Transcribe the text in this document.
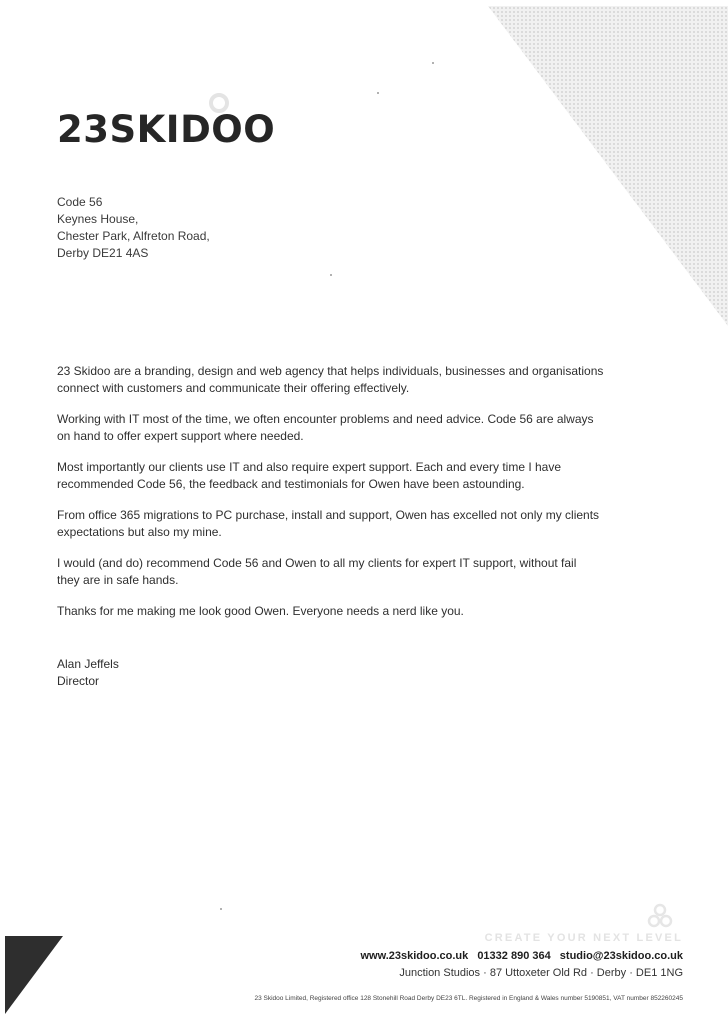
23SKIDOO
Code 56
Keynes House,
Chester Park, Alfreton Road,
Derby DE21 4AS

23 Skidoo are a branding, design and web agency that helps individuals, businesses and organisations
connect with customers and communicate their offering effectively.

Working with IT most of the time, we often encounter problems and need advice. Code 56 are always
on hand to offer expert support where needed.

Most importantly our clients use IT and also require expert support. Each and every time I have
recommended Code 56, the feedback and testimonials for Owen have been astounding.

From office 365 migrations to PC purchase, install and support, Owen has excelled not only my clients
expectations but also my mine.

I would (and do) recommend Code 56 and Owen to all my clients for expert IT support, without fail
they are in safe hands.

Thanks for me making me look good Owen. Everyone needs a nerd like you.

Alan Jeffels
Director
CREATE YOUR NEXT LEVEL
www.23skidoo.co.uk 01332 890 364 studio@23skidoo.co.uk
Junction Studios · 87 Uttoxeter Old Rd · Derby · DE1 1NG
23 Skidoo Limited, Registered office 128 Stonehill Road Derby DE23 6TL. Registered in England & Wales number 5190851, VAT number 852260245
